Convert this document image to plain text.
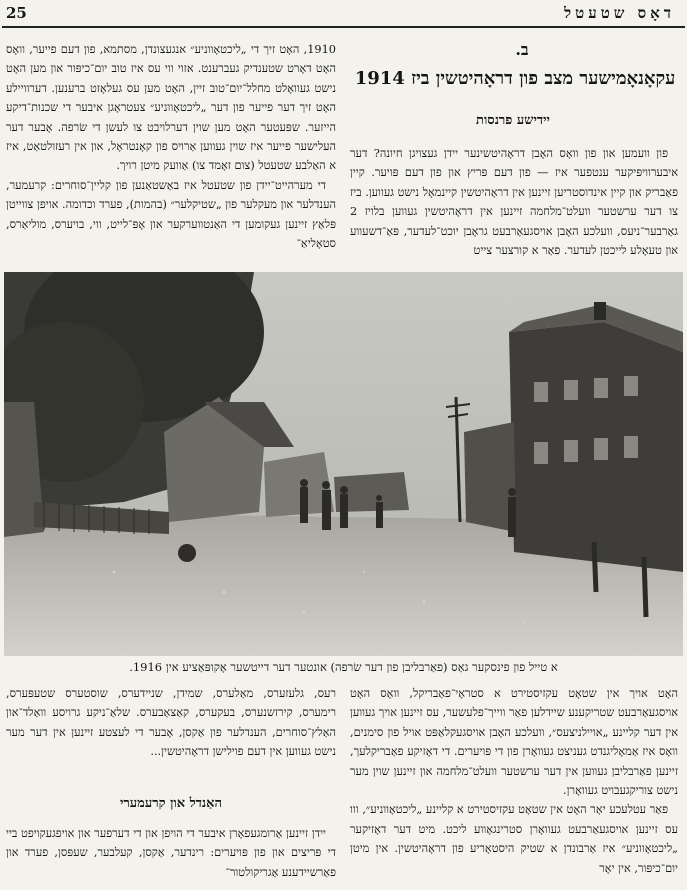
25	דאָס שטעטל
ב.
עקאָנאָמישער מצב פון דראָהיטשין ביז 1914
יידישע פרנסות

פון וועמען און פון וואָס האָבן דראָהיטשינער יידן געצויגן חיונה? דער איבערוויפּיקער ענטפער איז — פון דעם פּריץ און פון דעם פּויער. קיין פאַבריק און קיין אינדוסטריען זיינען אין דראָהיטשין קיינמאָל נישט געווען. ביז צו דער ערשטער וועלט־מלחמה זיינען אין דראָהיטשין געווען בלויז 2 גאַרבער־ניעס, וועלכע האָבן אויסגעאַרבעט גראָבן יוכט־לעדער, פּאַ־דשעווע און טעאָלע לייכטן לעדער. פאַר א קורצער צייט

1910, האָט זיך די „ליכטאָווניע״ אנגעצונדן, מסתמא, פון דעם פייער, וואָס האָט דאָרט שטענדיק געברענט. אזוי ווי עס איז טוב יום־כיפּור און מען האָט נישט געוואָלט מחלל־יום־טוב זיין, האָט מען עס געלאָזט ברענען. דערוויילע האָט זיך דער פייער פון דער „ליכטאָווניע״ צעטראָגן איבער די שכנות־דיקע הייזער. שפּעטער האָט מען שוין דערלויבט צו לעשן די שׂרפה. אָבער דער העלישער פייער איז שוין געווען אַרויס פון קאָנטראָל, און אין רעזולטאַט, איז א האַלבע שטעטל (צום זאָמד צו) אַוועק מיטן רויך.

די מערהייט־יידן פון שטעטל איז באַשטאַנען פון קליין־סוחרים: קרעמער, הענדלער און מעקלער פון „שטיקלער״ (בהמות), פערד וכדומה. אויפן צווייטן פּלאַץ זיינען געקומען די האַנטווערקער און אָפּ־לייט, ווי, בויערס, מוליאַרס, סטאָליאַ־

א טייל פון פינסקער גאַס (פאַרבליבן פון דער שׂרפה) אונטער דער דייטשער אָקופּאַציע אין 1916.

האָט אויך אין שטאָט עקזיסטירט א סטראָי־פאַבריקל, וואָס האָט אויסגעאַרבעט שטריקענע שיידלען פאַר ווייך־פלעשער, עס זיינען אויך געווען אין דער קליינע „אויילניצעס״, וועלכע האָבן אויסגעקלאַפּט אויל פון סימנים, וואָס איז אַמאָליגנדט געניצט געוואָרן פון די פּויערים. די דאָזיקע פאַבריקלעך, זיינען פאַרבליבן געווען אין דער ערשטער וועלט־מלחמה און זיינען שוין מער נישט צוריקגעבויט געוואָרן.

פאַר עטלעכע יאָר האָט אין שטאָט עקזיסטירט א קליינע „ליכטאָווניע״, ווו עס זיינען אויסגעאַרבעט געוואָרן סטרינגאָווע ליכט. מיט דער דאָזיקער „ליכטאָווניע״ איז אַרבונדן א שטיק היסטאָריע פון דראָהיטשין. אין מיטן יום־כיפּור, אין יאָר

רעס, גלעזערס, מאַלערס, שמידן, שניידערס, שוסטערס שטעפּערס, רימערס, קירזשנערס, בעקערס, קאַצאַבערס. שלאַ־ניקע גרויסע וואַלד־און האַלץ־סוחרים, הענדלער פון אַקסן, אָבער די לעצטע זיינען אין דער מער נישט געווען אין דעם פוילישן דראָהיטשין...

האַנדל און קרעמערי

יידן זיינען אַרומגעפאָרן איבער די הויפן און די דערפער און אויפגעקויפט ביי די פּריצים און פון פּויערים: רינדער, אַקסן, קעלבער, שעפּסן, פערד און פאַרשיידענע אַגריקולטור־
